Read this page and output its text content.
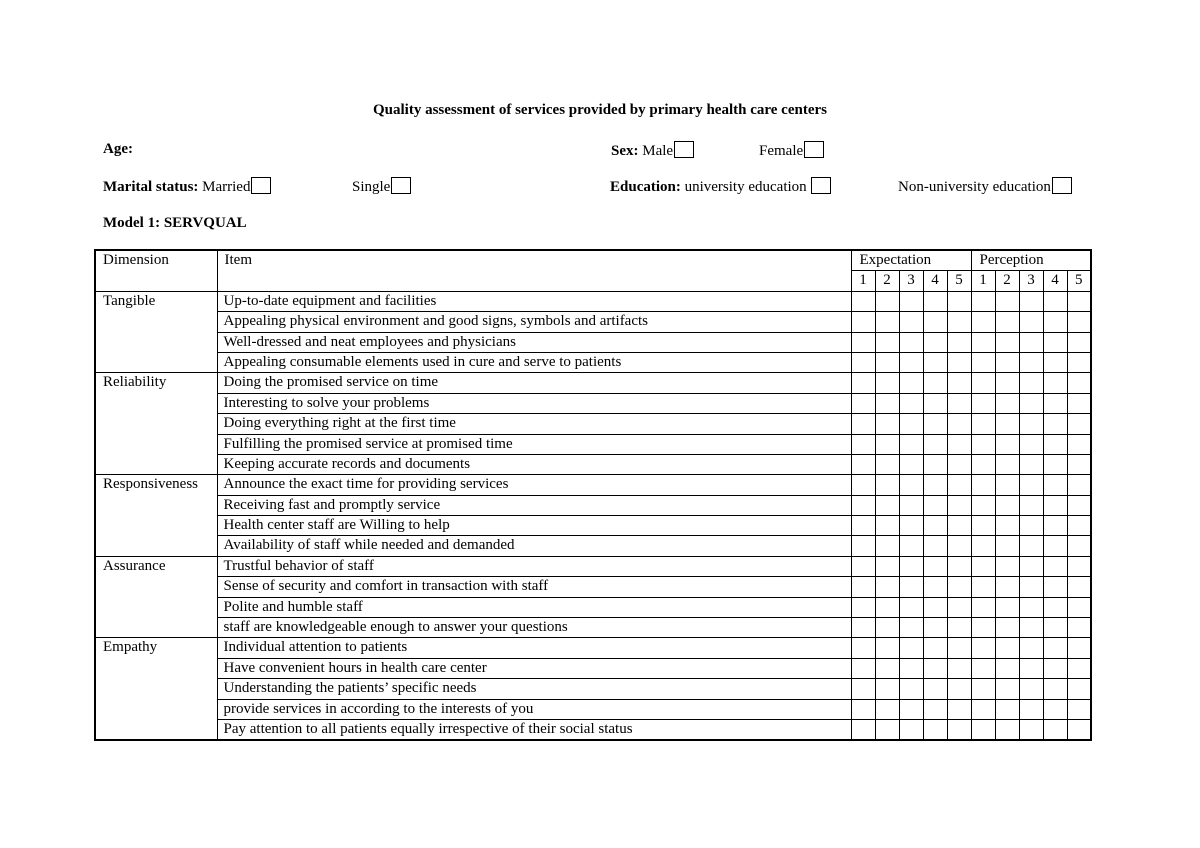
Quality assessment of services provided by primary health care centers
Age:	Sex: Male	Female
Marital status: Married	Single	Education: university education	Non-university education
Model 1: SERVQUAL
Dimension	Item	Expectation					Perception				
		1	2	3	4	5	1	2	3	4	5
Tangible	Up-to-date equipment and facilities										
	Appealing physical environment and good signs, symbols and artifacts										
	Well-dressed and neat employees and physicians										
	Appealing consumable elements used in cure and serve to patients										
Reliability	Doing the promised service on time										
	Interesting to solve your problems										
	Doing everything right at the first time										
	Fulfilling the promised service at promised time										
	Keeping accurate records and documents										
Responsiveness	Announce the exact time for providing services										
	Receiving fast and promptly service										
	Health center staff are Willing to help										
	Availability of staff while needed and demanded										
Assurance	Trustful behavior of staff										
	Sense of security and comfort in transaction with staff										
	Polite and humble staff										
	staff are knowledgeable enough to answer your questions										
Empathy	Individual attention to patients										
	Have convenient hours in health care center										
	Understanding the patients’ specific needs										
	provide services in according to the interests of you										
	Pay attention to all patients equally irrespective of their social status										
